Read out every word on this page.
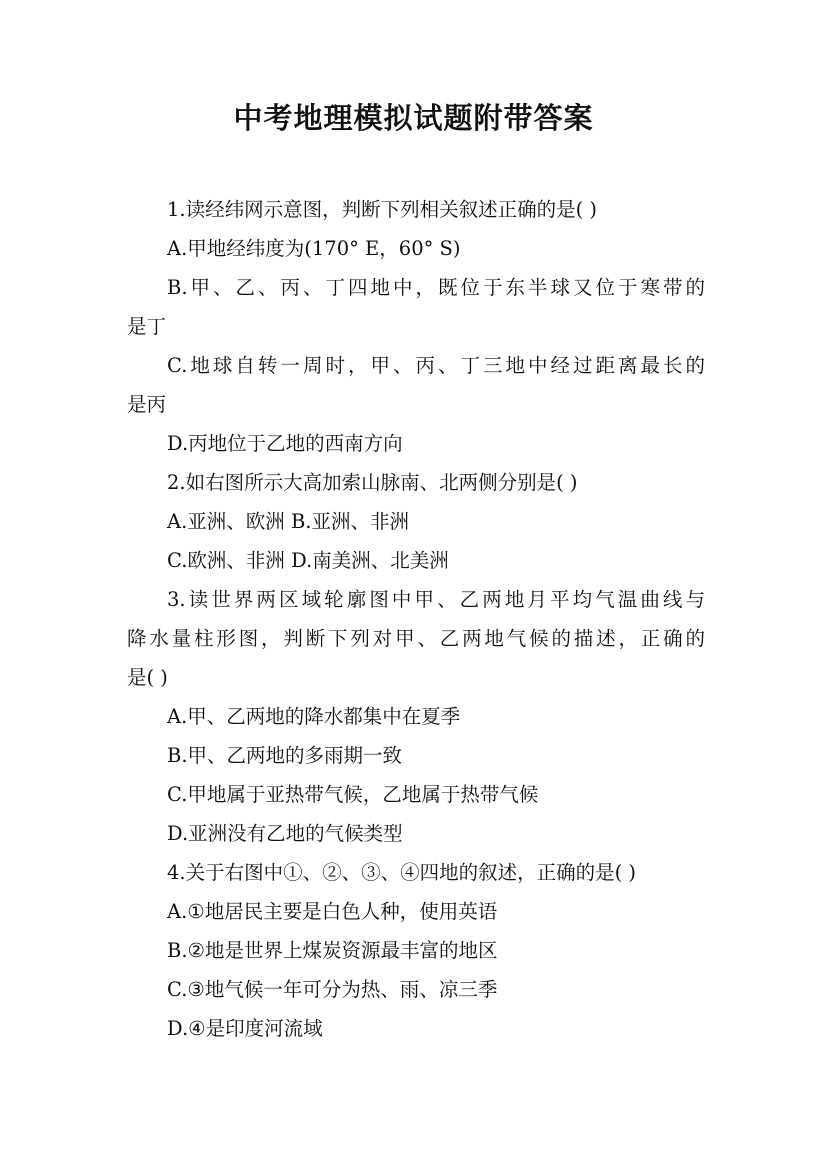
中考地理模拟试题附带答案

1.读经纬网示意图，判断下列相关叙述正确的是( )

A.甲地经纬度为(170° E，60° S)

B.甲、乙、丙、丁四地中，既位于东半球又位于寒带的

是丁

C.地球自转一周时，甲、丙、丁三地中经过距离最长的

是丙

D.丙地位于乙地的西南方向

2.如右图所示大高加索山脉南、北两侧分别是( )

A.亚洲、欧洲 B.亚洲、非洲

C.欧洲、非洲 D.南美洲、北美洲

3.读世界两区域轮廓图中甲、乙两地月平均气温曲线与

降水量柱形图，判断下列对甲、乙两地气候的描述，正确的

是( )

A.甲、乙两地的降水都集中在夏季

B.甲、乙两地的多雨期一致

C.甲地属于亚热带气候，乙地属于热带气候

D.亚洲没有乙地的气候类型

4.关于右图中①、②、③、④四地的叙述，正确的是( )

A.①地居民主要是白色人种，使用英语

B.②地是世界上煤炭资源最丰富的地区

C.③地气候一年可分为热、雨、凉三季

D.④是印度河流域
